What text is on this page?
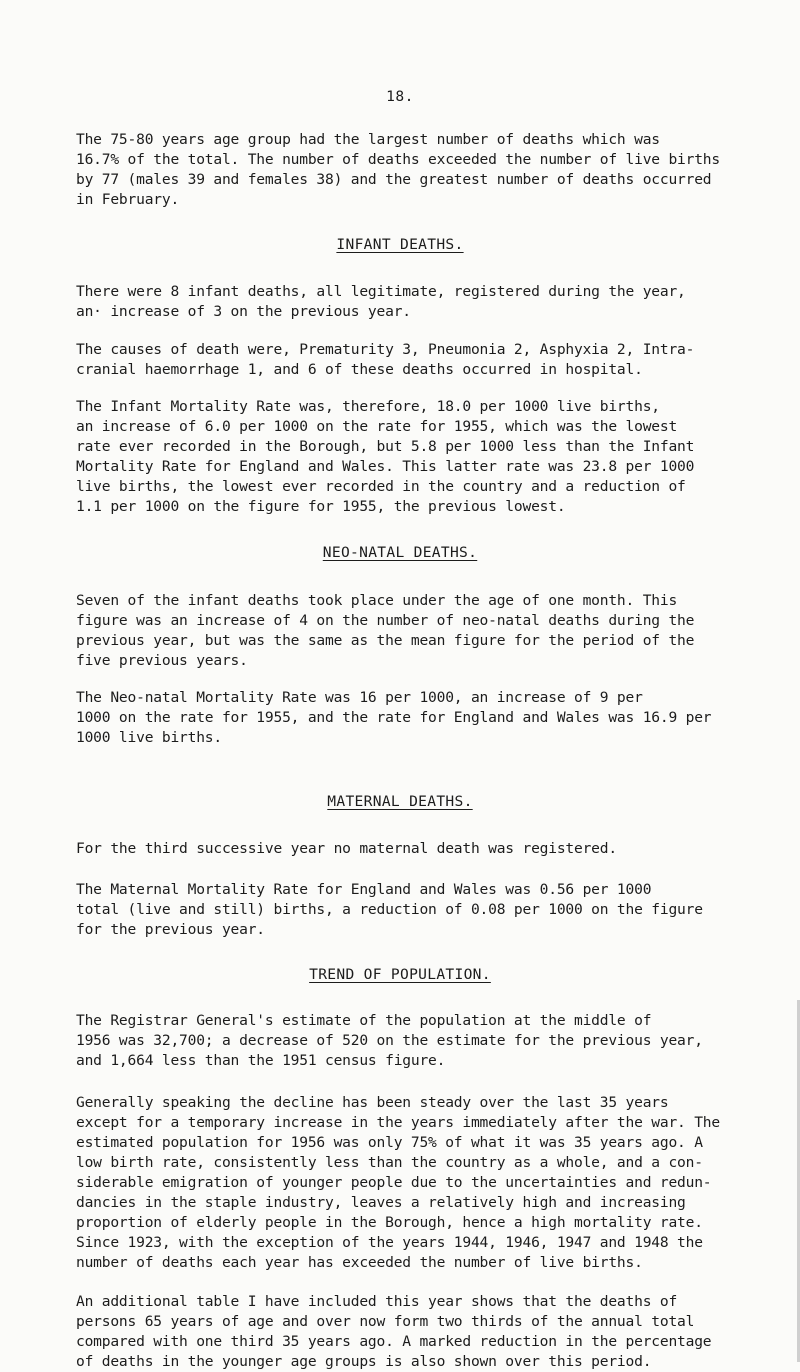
18.
The 75-80 years age group had the largest number of deaths which was
16.7% of the total. The number of deaths exceeded the number of live births
by 77 (males 39 and females 38) and the greatest number of deaths occurred
in February.
INFANT DEATHS.
There were 8 infant deaths, all legitimate, registered during the year,
an· increase of 3 on the previous year.
The causes of death were, Prematurity 3, Pneumonia 2, Asphyxia 2, Intra-
cranial haemorrhage 1, and 6 of these deaths occurred in hospital.
The Infant Mortality Rate was, therefore, 18.0 per 1000 live births,
an increase of 6.0 per 1000 on the rate for 1955, which was the lowest
rate ever recorded in the Borough, but 5.8 per 1000 less than the Infant
Mortality Rate for England and Wales. This latter rate was 23.8 per 1000
live births, the lowest ever recorded in the country and a reduction of
1.1 per 1000 on the figure for 1955, the previous lowest.
NEO-NATAL DEATHS.
Seven of the infant deaths took place under the age of one month. This
figure was an increase of 4 on the number of neo-natal deaths during the
previous year, but was the same as the mean figure for the period of the
five previous years.
The Neo-natal Mortality Rate was 16 per 1000, an increase of 9 per
1000 on the rate for 1955, and the rate for England and Wales was 16.9 per
1000 live births.
MATERNAL DEATHS.
For the third successive year no maternal death was registered.
The Maternal Mortality Rate for England and Wales was 0.56 per 1000
total (live and still) births, a reduction of 0.08 per 1000 on the figure
for the previous year.
TREND OF POPULATION.
The Registrar General's estimate of the population at the middle of
1956 was 32,700; a decrease of 520 on the estimate for the previous year,
and 1,664 less than the 1951 census figure.
Generally speaking the decline has been steady over the last 35 years
except for a temporary increase in the years immediately after the war. The
estimated population for 1956 was only 75% of what it was 35 years ago. A
low birth rate, consistently less than the country as a whole, and a con-
siderable emigration of younger people due to the uncertainties and redun-
dancies in the staple industry, leaves a relatively high and increasing
proportion of elderly people in the Borough, hence a high mortality rate.
Since 1923, with the exception of the years 1944, 1946, 1947 and 1948 the
number of deaths each year has exceeded the number of live births.
An additional table I have included this year shows that the deaths of
persons 65 years of age and over now form two thirds of the annual total
compared with one third 35 years ago. A marked reduction in the percentage
of deaths in the younger age groups is also shown over this period.
